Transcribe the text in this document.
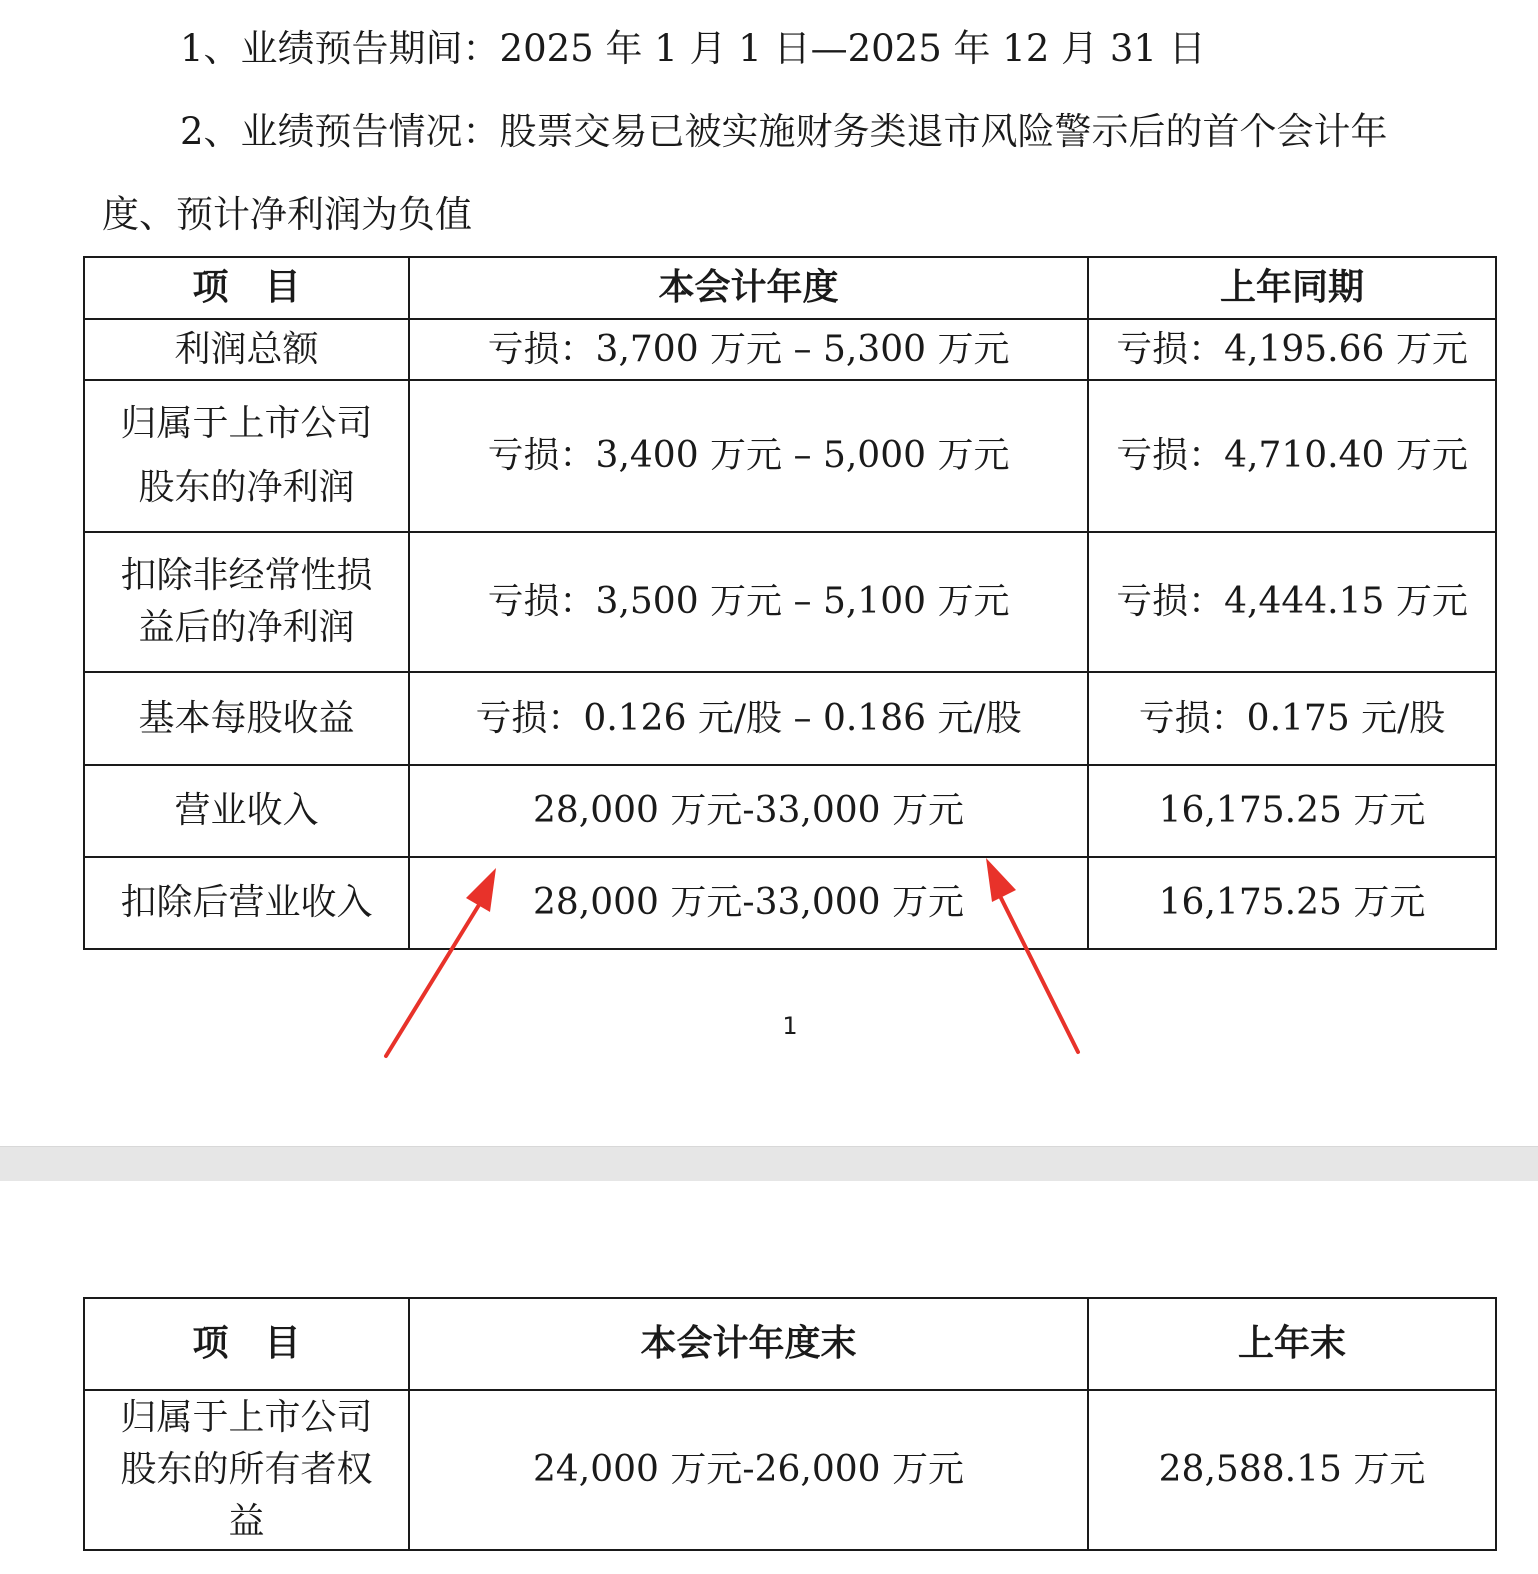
1、业绩预告期间：2025 年 1 月 1 日—2025 年 12 月 31 日
2、业绩预告情况：股票交易已被实施财务类退市风险警示后的首个会计年
度、预计净利润为负值
项　目	本会计年度	上年同期
利润总额	亏损：3,700 万元 – 5,300 万元	亏损：4,195.66 万元

归属于上市公司
股东的净利润	亏损：3,400 万元 – 5,000 万元	亏损：4,710.40 万元

扣除非经常性损
益后的净利润	亏损：3,500 万元 – 5,100 万元	亏损：4,444.15 万元
基本每股收益	亏损：0.126 元/股 – 0.186 元/股	亏损：0.175 元/股
营业收入	28,000 万元-33,000 万元	16,175.25 万元
扣除后营业收入	28,000 万元-33,000 万元	16,175.25 万元
1
项　目	本会计年度末	上年末

归属于上市公司
股东的所有者权
益	24,000 万元-26,000 万元	28,588.15 万元
